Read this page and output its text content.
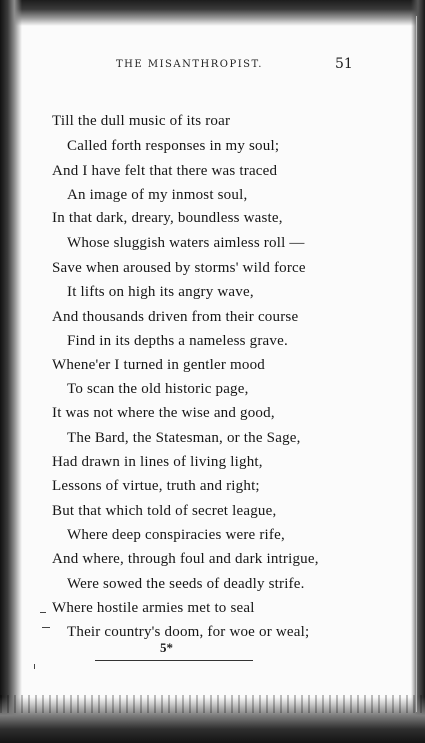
THE MISANTHROPIST.	51
Till the dull music of its roar
Called forth responses in my soul;
And I have felt that there was traced
An image of my inmost soul,
In that dark, dreary, boundless waste,
Whose sluggish waters aimless roll —
Save when aroused by storms' wild force
It lifts on high its angry wave,
And thousands driven from their course
Find in its depths a nameless grave.
Whene'er I turned in gentler mood
To scan the old historic page,
It was not where the wise and good,
The Bard, the Statesman, or the Sage,
Had drawn in lines of living light,
Lessons of virtue, truth and right;
But that which told of secret league,
Where deep conspiracies were rife,
And where, through foul and dark intrigue,
Were sowed the seeds of deadly strife.
Where hostile armies met to seal
Their country's doom, for woe or weal;
5*
